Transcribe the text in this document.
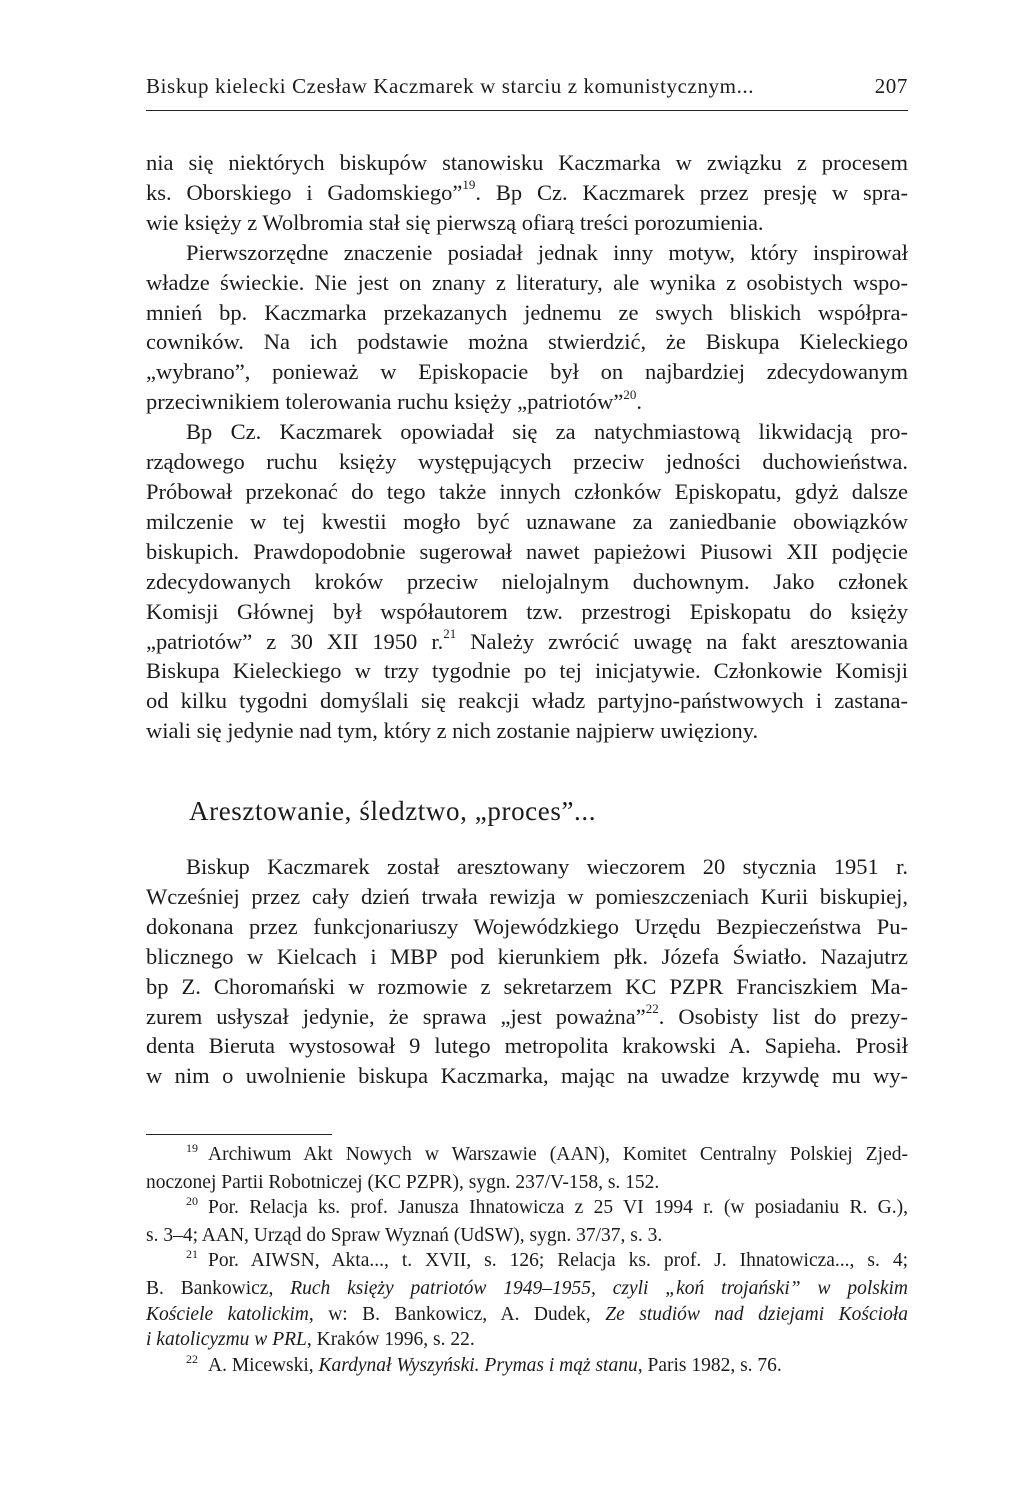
Biskup kielecki Czesław Kaczmarek w starciu z komunistycznym...	207

nia się niektórych biskupów stanowisku Kaczmarka w związku z procesem

ks. Oborskiego i Gadomskiego”$^{19}$. Bp Cz. Kaczmarek przez presję w spra-

wie księży z Wolbromia stał się pierwszą ofiarą treści porozumienia.

Pierwszorzędne znaczenie posiadał jednak inny motyw, który inspirował

władze świeckie. Nie jest on znany z literatury, ale wynika z osobistych wspo-

mnień bp. Kaczmarka przekazanych jednemu ze swych bliskich współpra-

cowników. Na ich podstawie można stwierdzić, że Biskupa Kieleckiego

„wybrano”, ponieważ w Episkopacie był on najbardziej zdecydowanym

przeciwnikiem tolerowania ruchu księży „patriotów”$^{20}$.

Bp Cz. Kaczmarek opowiadał się za natychmiastową likwidacją pro-

rządowego ruchu księży występujących przeciw jedności duchowieństwa.

Próbował przekonać do tego także innych członków Episkopatu, gdyż dalsze

milczenie w tej kwestii mogło być uznawane za zaniedbanie obowiązków

biskupich. Prawdopodobnie sugerował nawet papieżowi Piusowi XII podjęcie

zdecydowanych kroków przeciw nielojalnym duchownym. Jako członek

Komisji Głównej był współautorem tzw. przestrogi Episkopatu do księży

„patriotów” z 30 XII 1950 r.$^{21}$ Należy zwrócić uwagę na fakt aresztowania

Biskupa Kieleckiego w trzy tygodnie po tej inicjatywie. Członkowie Komisji

od kilku tygodni domyślali się reakcji władz partyjno-państwowych i zastana-

wiali się jedynie nad tym, który z nich zostanie najpierw uwięziony.

Aresztowanie, śledztwo, „proces”...

Biskup Kaczmarek został aresztowany wieczorem 20 stycznia 1951 r.

Wcześniej przez cały dzień trwała rewizja w pomieszczeniach Kurii biskupiej,

dokonana przez funkcjonariuszy Wojewódzkiego Urzędu Bezpieczeństwa Pu-

blicznego w Kielcach i MBP pod kierunkiem płk. Józefa Światło. Nazajutrz

bp Z. Choromański w rozmowie z sekretarzem KC PZPR Franciszkiem Ma-

zurem usłyszał jedynie, że sprawa „jest poważna”$^{22}$. Osobisty list do prezy-

denta Bieruta wystosował 9 lutego metropolita krakowski A. Sapieha. Prosił

w nim o uwolnienie biskupa Kaczmarka, mając na uwadze krzywdę mu wy-

$^{19}$ Archiwum Akt Nowych w Warszawie (AAN), Komitet Centralny Polskiej Zjed-

noczonej Partii Robotniczej (KC PZPR), sygn. 237/V-158, s. 152.

$^{20}$ Por. Relacja ks. prof. Janusza Ihnatowicza z 25 VI 1994 r. (w posiadaniu R. G.),

s. 3–4; AAN, Urząd do Spraw Wyznań (UdSW), sygn. 37/37, s. 3.

$^{21}$ Por. AIWSN, Akta..., t. XVII, s. 126; Relacja ks. prof. J. Ihnatowicza..., s. 4;

B. Bankowicz, Ruch księży patriotów 1949–1955, czyli „koń trojański” w polskim

Kościele katolickim, w: B. Bankowicz, A. Dudek, Ze studiów nad dziejami Kościoła

i katolicyzmu w PRL, Kraków 1996, s. 22.

$^{22}$ A. Micewski, Kardynał Wyszyński. Prymas i mąż stanu, Paris 1982, s. 76.
